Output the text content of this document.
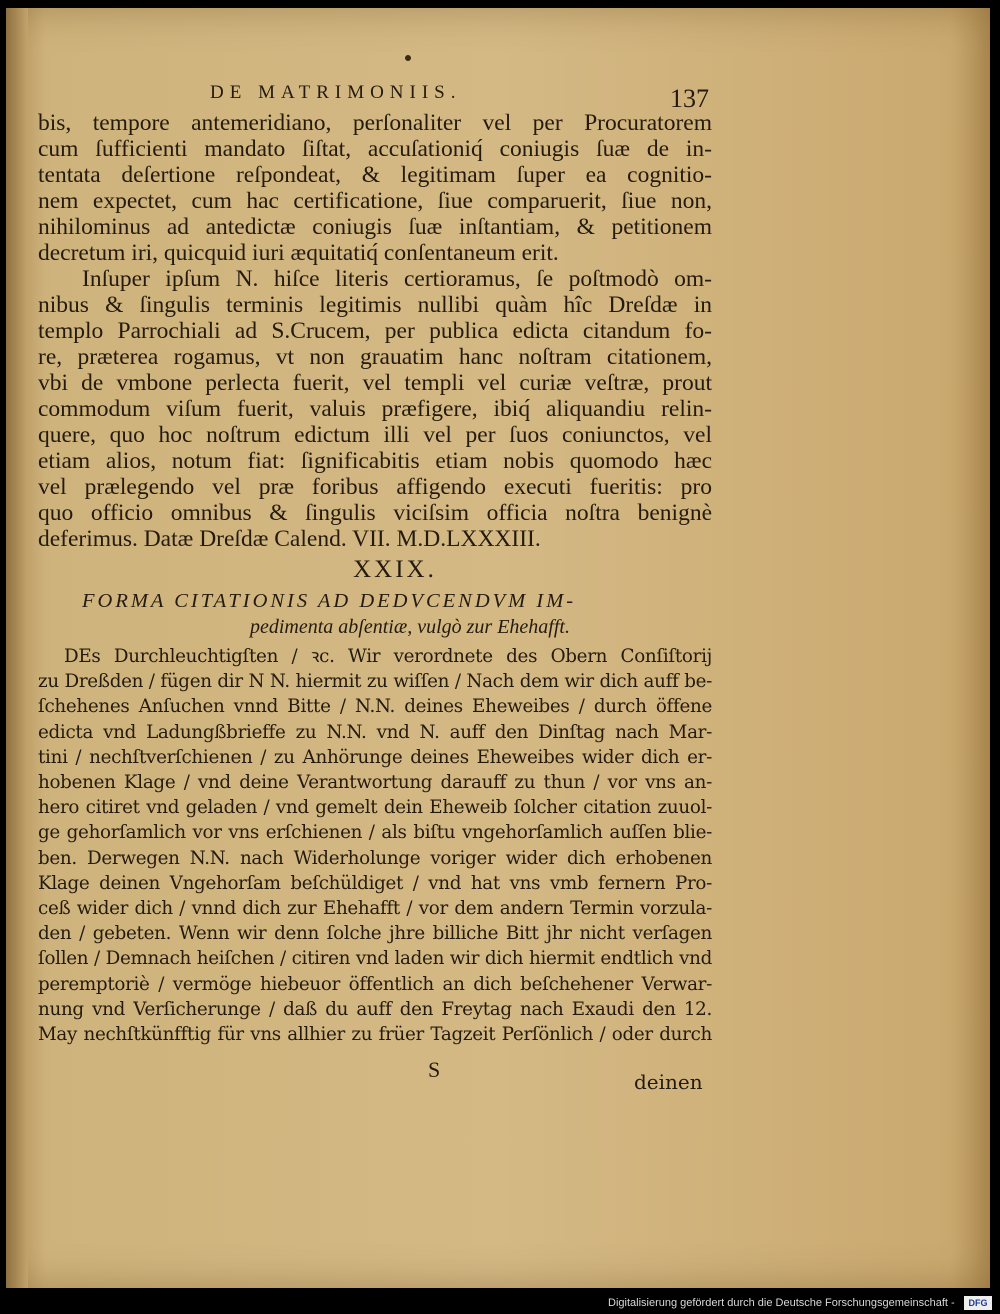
DE MATRIMONIIS.	137
bis, tempore antemeridiano, perſonaliter vel per Procuratorem
cum ſufficienti mandato ſiſtat, accuſationiq́ coniugis ſuæ de in-
tentata deſertione reſpondeat, & legitimam ſuper ea cognitio-
nem expectet, cum hac certificatione, ſiue comparuerit, ſiue non,
nihilominus ad antedictæ coniugis ſuæ inſtantiam, & petitionem
decretum iri, quicquid iuri æquitatiq́ conſentaneum erit.
Inſuper ipſum N. hiſce literis certioramus, ſe poſtmodò om-
nibus & ſingulis terminis legitimis nullibi quàm hîc Dreſdæ in
templo Parrochiali ad S.Crucem, per publica edicta citandum fo-
re, præterea rogamus, vt non grauatim hanc noſtram citationem,
vbi de vmbone perlecta fuerit, vel templi vel curiæ veſtræ, prout
commodum viſum fuerit, valuis præfigere, ibiq́ aliquandiu relin-
quere, quo hoc noſtrum edictum illi vel per ſuos coniunctos, vel
etiam alios, notum fiat: ſignificabitis etiam nobis quomodo hæc
vel prælegendo vel præ foribus affigendo executi fueritis: pro
quo officio omnibus & ſingulis viciſsim officia noſtra benignè
deferimus. Datæ Dreſdæ Calend. VII. M.D.LXXXIII.
XXIX.
FORMA CITATIONIS AD DEDVCENDVM IM-
pedimenta abſentiæ, vulgò zur Ehehafft.
DEs Durchleuchtigſten / ꝛc. Wir verordnete des Obern Conſiſtorij
zu Dreßden / fügen dir N N. hiermit zu wiſſen / Nach dem wir dich auff be-
ſchehenes Anſuchen vnnd Bitte / N.N. deines Eheweibes / durch öffene
edicta vnd Ladungßbrieffe zu N.N. vnd N. auff den Dinſtag nach Mar-
tini / nechſtverſchienen / zu Anhörunge deines Eheweibes wider dich er-
hobenen Klage / vnd deine Verantwortung darauff zu thun / vor vns an-
hero citiret vnd geladen / vnd gemelt dein Eheweib ſolcher citation zuuol-
ge gehorſamlich vor vns erſchienen / als biſtu vngehorſamlich auſſen blie-
ben. Derwegen N.N. nach Widerholunge voriger wider dich erhobenen
Klage deinen Vngehorſam beſchüldiget / vnd hat vns vmb fernern Pro-
ceß wider dich / vnnd dich zur Ehehafft / vor dem andern Termin vorzula-
den / gebeten. Wenn wir denn ſolche jhre billiche Bitt jhr nicht verſagen
ſollen / Demnach heiſchen / citiren vnd laden wir dich hiermit endtlich vnd
peremptoriè / vermöge hiebeuor öffentlich an dich beſchehener Verwar-
nung vnd Verſicherunge / daß du auff den Freytag nach Exaudi den 12.
May nechſtkünfftig für vns allhier zu früer Tagzeit Perſönlich / oder durch
S	deinen
Digitalisierung gefördert durch die Deutsche Forschungsgemeinschaft -	DFG
